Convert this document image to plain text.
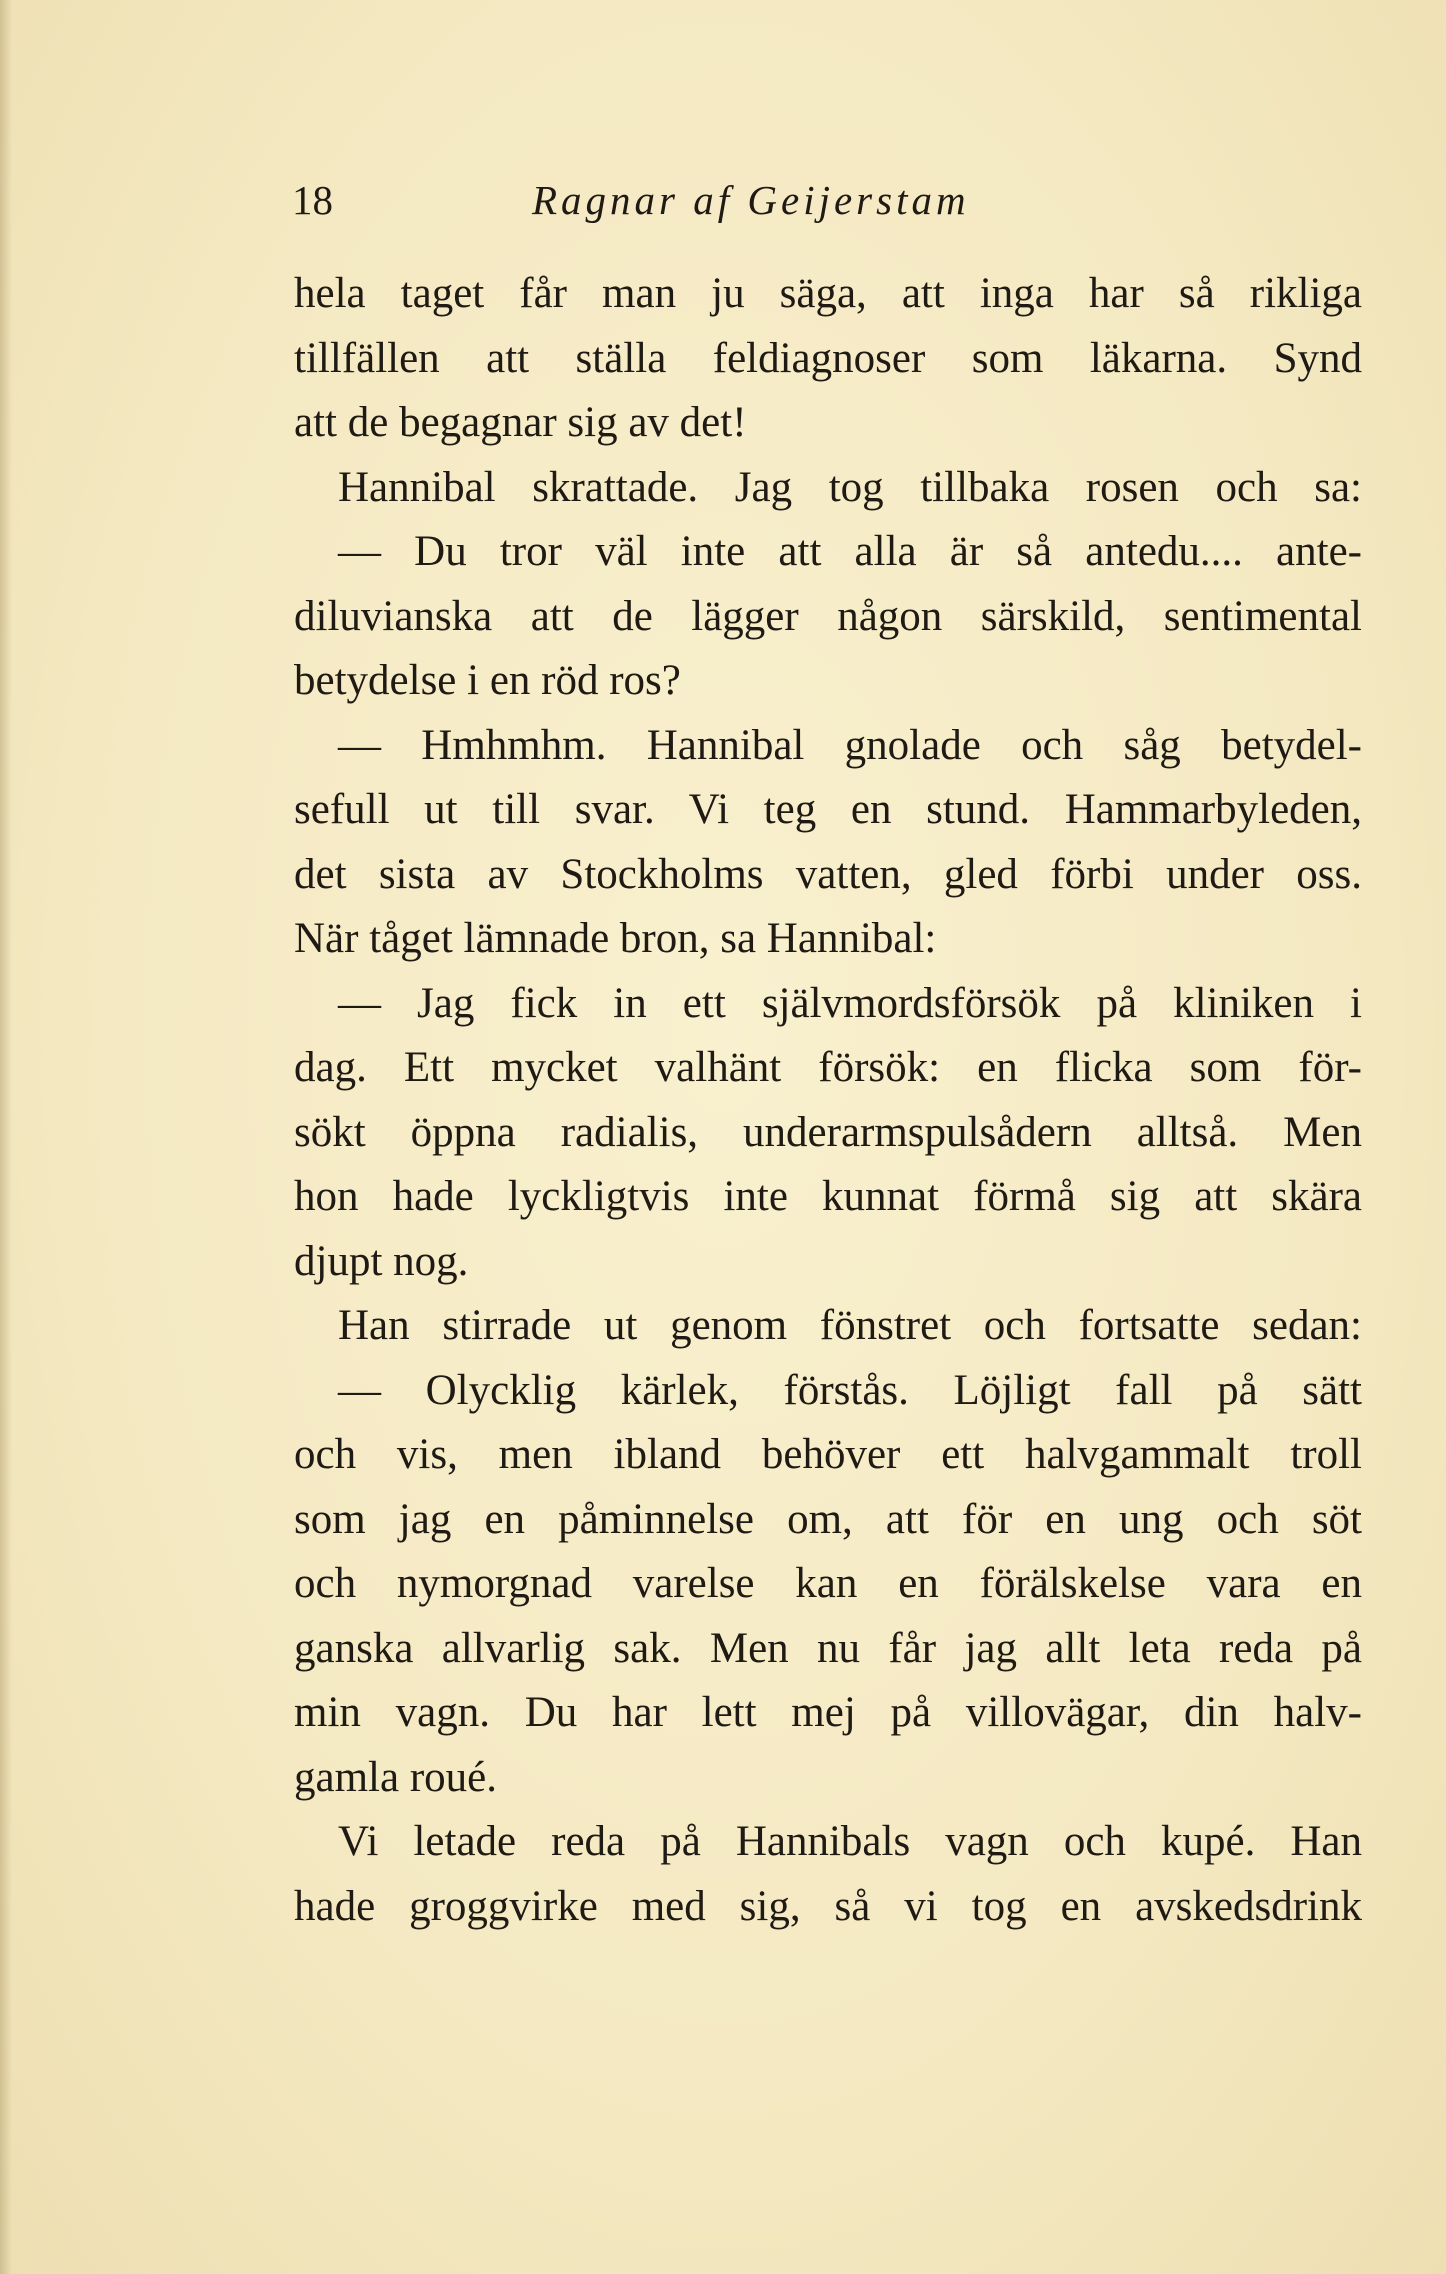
18	Ragnar af Geijerstam
hela taget får man ju säga, att inga har så rikliga
tillfällen att ställa feldiagnoser som läkarna. Synd
att de begagnar sig av det!
Hannibal skrattade. Jag tog tillbaka rosen och sa:
— Du tror väl inte att alla är så antedu.... ante-
diluvianska att de lägger någon särskild, sentimental
betydelse i en röd ros?
— Hmhmhm. Hannibal gnolade och såg betydel-
sefull ut till svar. Vi teg en stund. Hammarbyleden,
det sista av Stockholms vatten, gled förbi under oss.
När tåget lämnade bron, sa Hannibal:
— Jag fick in ett självmordsförsök på kliniken i
dag. Ett mycket valhänt försök: en flicka som för-
sökt öppna radialis, underarmspulsådern alltså. Men
hon hade lyckligtvis inte kunnat förmå sig att skära
djupt nog.
Han stirrade ut genom fönstret och fortsatte sedan:
— Olycklig kärlek, förstås. Löjligt fall på sätt
och vis, men ibland behöver ett halvgammalt troll
som jag en påminnelse om, att för en ung och söt
och nymorgnad varelse kan en förälskelse vara en
ganska allvarlig sak. Men nu får jag allt leta reda på
min vagn. Du har lett mej på villovägar, din halv-
gamla roué.
Vi letade reda på Hannibals vagn och kupé. Han
hade groggvirke med sig, så vi tog en avskedsdrink
